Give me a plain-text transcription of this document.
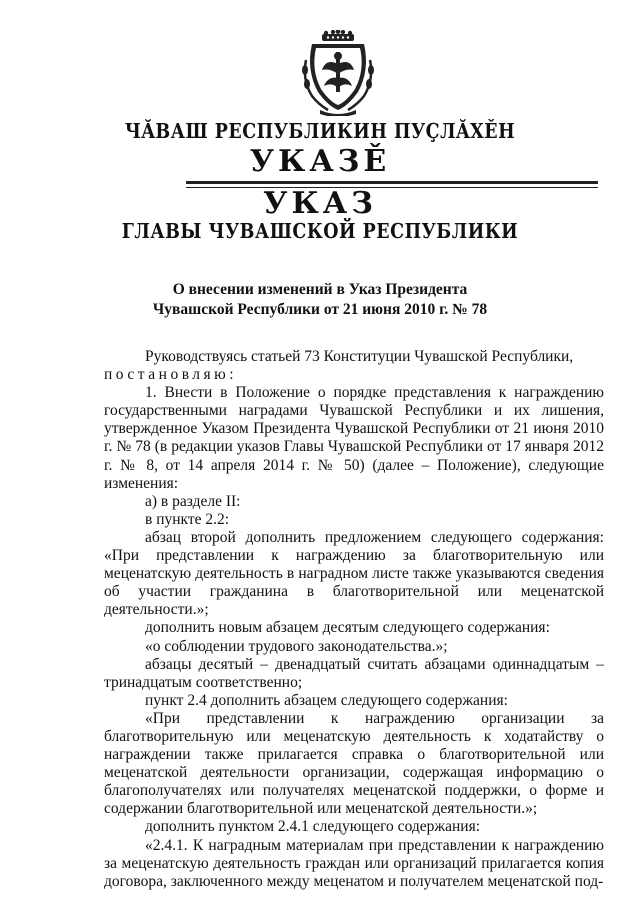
ЧĂВАШ РЕСПУБЛИКИН ПУÇЛĂХĚН
УКАЗĚ
УКАЗ
ГЛАВЫ ЧУВАШСКОЙ РЕСПУБЛИКИ
О внесении изменений в Указ Президента
Чувашской Республики от 21 июня 2010 г. № 78

Руководствуясь статьей 73 Конституции Чувашской Республики,

постановляю:

1. Внести в Положение о порядке представления к награждению государственными наградами Чувашской Республики и их лишения, утвержденное Указом Президента Чувашской Республики от 21 июня 2010 г. № 78 (в редакции указов Главы Чувашской Республики от 17 января 2012 г. № 8, от 14 апреля 2014 г. № 50) (далее – Положение), следующие изменения:

а) в разделе II:

в пункте 2.2:

абзац второй дополнить предложением следующего содержания: «При представлении к награждению за благотворительную или меценатскую деятельность в наградном листе также указываются сведения об участии гражданина в благотворительной или меценатской деятельности.»;

дополнить новым абзацем десятым следующего содержания:

«о соблюдении трудового законодательства.»;

абзацы десятый – двенадцатый считать абзацами одиннадцатым – тринадцатым соответственно;

пункт 2.4 дополнить абзацем следующего содержания:

«При представлении к награждению организации за благотворительную или меценатскую деятельность к ходатайству о награждении также прилагается справка о благотворительной или меценатской деятельности организации, содержащая информацию о благополучателях или получателях меценатской поддержки, о форме и содержании благотворительной или меценатской деятельности.»;

дополнить пунктом 2.4.1 следующего содержания:

«2.4.1. К наградным материалам при представлении к награждению за меценатскую деятельность граждан или организаций прилагается копия договора, заключенного между меценатом и получателем меценатской под-
